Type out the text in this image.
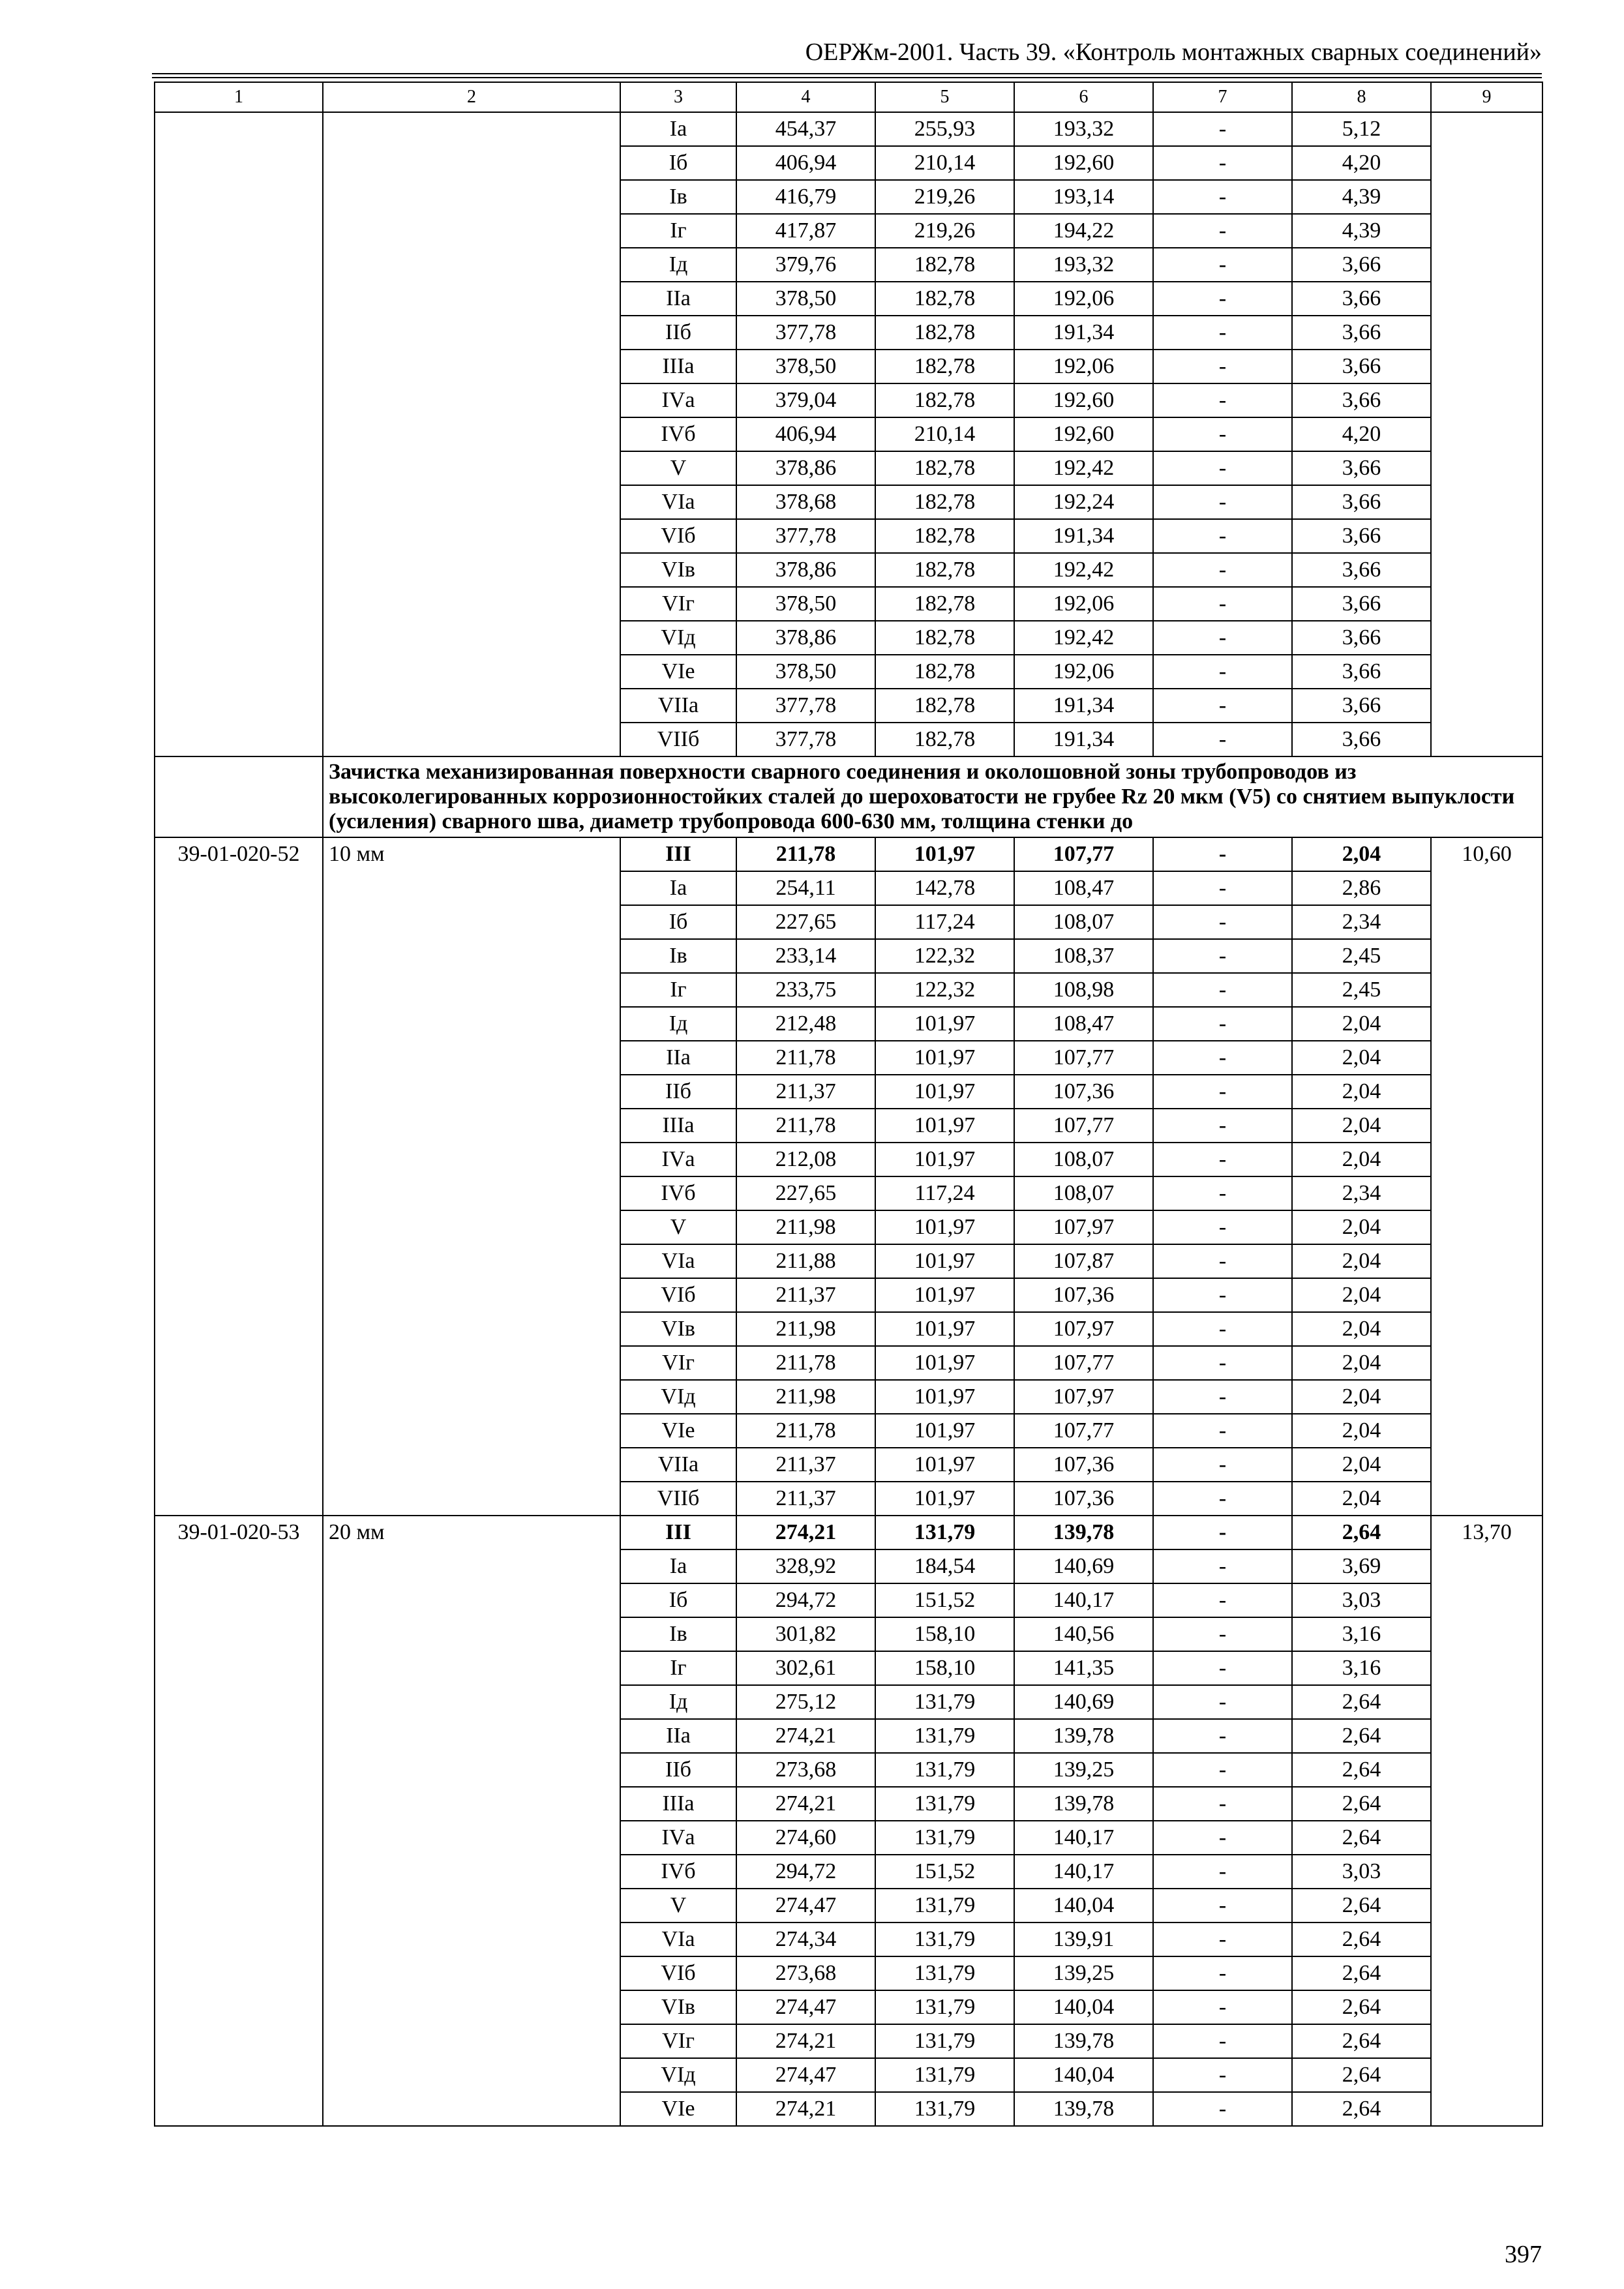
ОЕРЖм-2001. Часть 39. «Контроль монтажных сварных соединений»
1	2	3	4	5	6	7	8	9
		Iа	454,37	255,93	193,32	-	5,12	
		Iб	406,94	210,14	192,60	-	4,20	
		Iв	416,79	219,26	193,14	-	4,39	
		Iг	417,87	219,26	194,22	-	4,39	
		Iд	379,76	182,78	193,32	-	3,66	
		IIа	378,50	182,78	192,06	-	3,66	
		IIб	377,78	182,78	191,34	-	3,66	
		IIIа	378,50	182,78	192,06	-	3,66	
		IVа	379,04	182,78	192,60	-	3,66	
		IVб	406,94	210,14	192,60	-	4,20	
		V	378,86	182,78	192,42	-	3,66	
		VIа	378,68	182,78	192,24	-	3,66	
		VIб	377,78	182,78	191,34	-	3,66	
		VIв	378,86	182,78	192,42	-	3,66	
		VIг	378,50	182,78	192,06	-	3,66	
		VIд	378,86	182,78	192,42	-	3,66	
		VIе	378,50	182,78	192,06	-	3,66	
		VIIа	377,78	182,78	191,34	-	3,66	
		VIIб	377,78	182,78	191,34	-	3,66	
	Зачистка механизированная поверхности сварного соединения и околошовной зоны трубопроводов из высоколегированных коррозионностойких сталей до шероховатости не грубее Rz 20 мкм (V5) со снятием выпуклости (усиления) сварного шва, диаметр трубопровода 600-630 мм, толщина стенки до							
39-01-020-52	10 мм	III	211,78	101,97	107,77	-	2,04	10,60
		Iа	254,11	142,78	108,47	-	2,86	
		Iб	227,65	117,24	108,07	-	2,34	
		Iв	233,14	122,32	108,37	-	2,45	
		Iг	233,75	122,32	108,98	-	2,45	
		Iд	212,48	101,97	108,47	-	2,04	
		IIа	211,78	101,97	107,77	-	2,04	
		IIб	211,37	101,97	107,36	-	2,04	
		IIIа	211,78	101,97	107,77	-	2,04	
		IVа	212,08	101,97	108,07	-	2,04	
		IVб	227,65	117,24	108,07	-	2,34	
		V	211,98	101,97	107,97	-	2,04	
		VIа	211,88	101,97	107,87	-	2,04	
		VIб	211,37	101,97	107,36	-	2,04	
		VIв	211,98	101,97	107,97	-	2,04	
		VIг	211,78	101,97	107,77	-	2,04	
		VIд	211,98	101,97	107,97	-	2,04	
		VIе	211,78	101,97	107,77	-	2,04	
		VIIа	211,37	101,97	107,36	-	2,04	
		VIIб	211,37	101,97	107,36	-	2,04	
39-01-020-53	20 мм	III	274,21	131,79	139,78	-	2,64	13,70
		Iа	328,92	184,54	140,69	-	3,69	
		Iб	294,72	151,52	140,17	-	3,03	
		Iв	301,82	158,10	140,56	-	3,16	
		Iг	302,61	158,10	141,35	-	3,16	
		Iд	275,12	131,79	140,69	-	2,64	
		IIа	274,21	131,79	139,78	-	2,64	
		IIб	273,68	131,79	139,25	-	2,64	
		IIIа	274,21	131,79	139,78	-	2,64	
		IVа	274,60	131,79	140,17	-	2,64	
		IVб	294,72	151,52	140,17	-	3,03	
		V	274,47	131,79	140,04	-	2,64	
		VIа	274,34	131,79	139,91	-	2,64	
		VIб	273,68	131,79	139,25	-	2,64	
		VIв	274,47	131,79	140,04	-	2,64	
		VIг	274,21	131,79	139,78	-	2,64	
		VIд	274,47	131,79	140,04	-	2,64	
		VIе	274,21	131,79	139,78	-	2,64	
397
